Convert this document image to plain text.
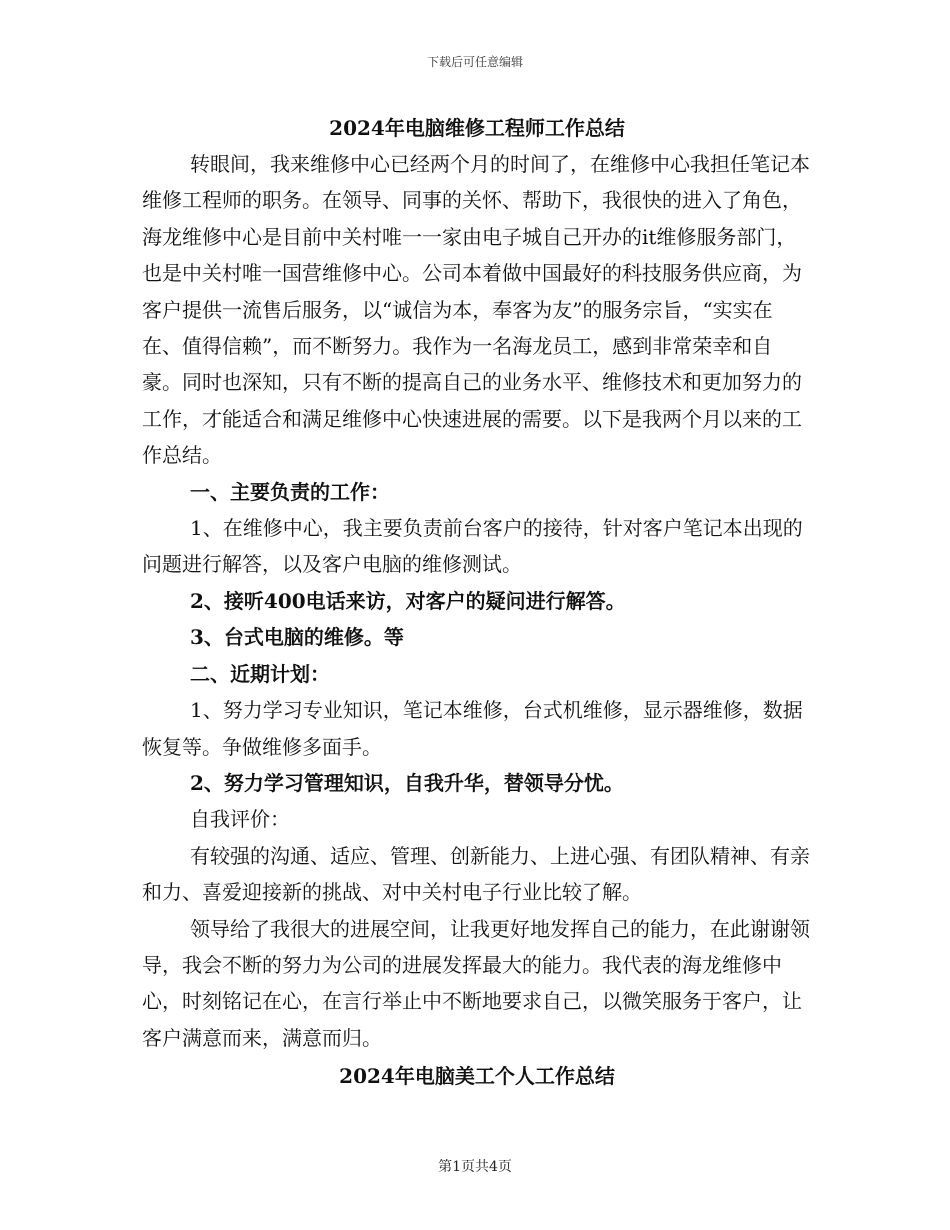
下载后可任意编辑
2024年电脑维修工程师工作总结

转眼间，我来维修中心已经两个月的时间了，在维修中心我担任笔记本维修工程师的职务。在领导、同事的关怀、帮助下，我很快的进入了角色，海龙维修中心是目前中关村唯一一家由电子城自己开办的it维修服务部门，也是中关村唯一国营维修中心。公司本着做中国最好的科技服务供应商，为客户提供一流售后服务，以“诚信为本，奉客为友”的服务宗旨，“实实在在、值得信赖”，而不断努力。我作为一名海龙员工，感到非常荣幸和自豪。同时也深知，只有不断的提高自己的业务水平、维修技术和更加努力的工作，才能适合和满足维修中心快速进展的需要。以下是我两个月以来的工作总结。

一、主要负责的工作：

1、在维修中心，我主要负责前台客户的接待，针对客户笔记本出现的问题进行解答，以及客户电脑的维修测试。

2、接听400电话来访，对客户的疑问进行解答。

3、台式电脑的维修。等

二、近期计划：

1、努力学习专业知识，笔记本维修，台式机维修，显示器维修，数据恢复等。争做维修多面手。

2、努力学习管理知识，自我升华，替领导分忧。

自我评价：

有较强的沟通、适应、管理、创新能力、上进心强、有团队精神、有亲和力、喜爱迎接新的挑战、对中关村电子行业比较了解。

领导给了我很大的进展空间，让我更好地发挥自己的能力，在此谢谢领导，我会不断的努力为公司的进展发挥最大的能力。我代表的海龙维修中心，时刻铭记在心，在言行举止中不断地要求自己，以微笑服务于客户，让客户满意而来，满意而归。

2024年电脑美工个人工作总结
第1页共4页
